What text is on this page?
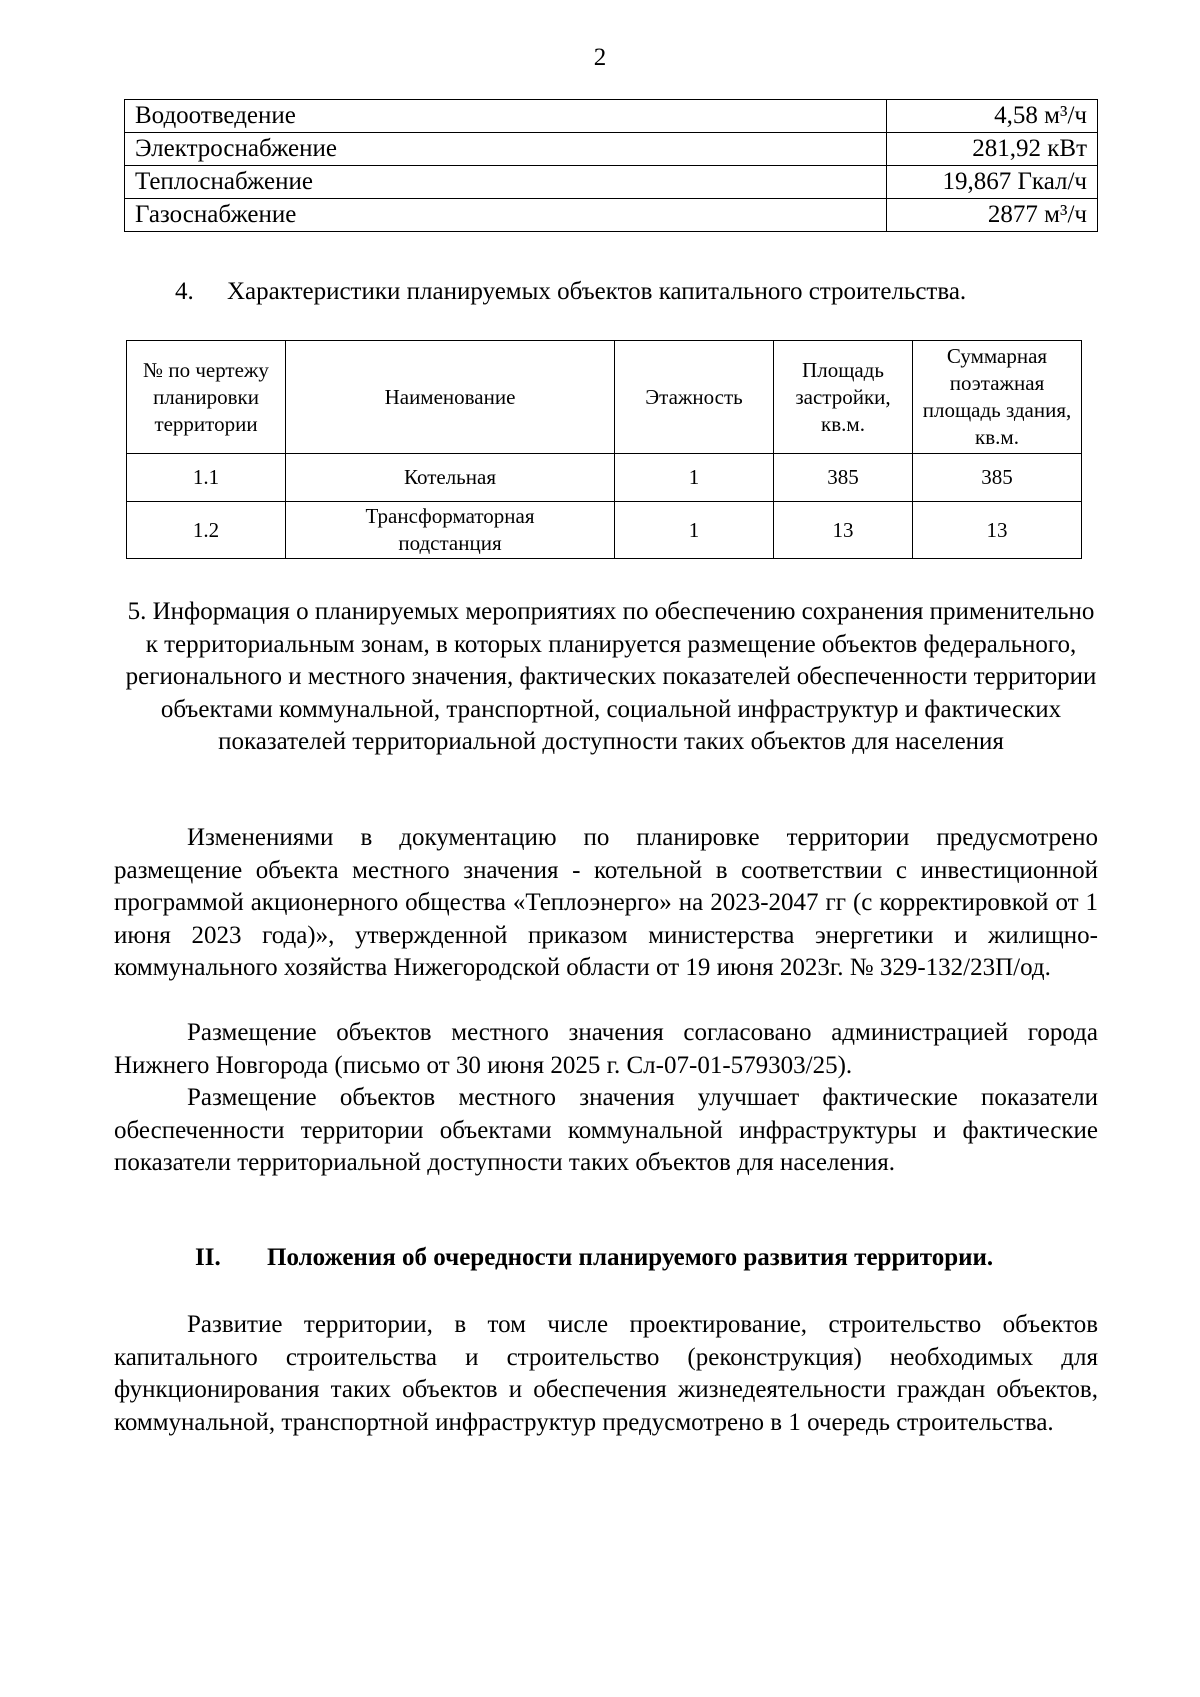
2
Водоотведение	4,58 м³/ч
Электроснабжение	281,92 кВт
Теплоснабжение	19,867 Гкал/ч
Газоснабжение	2877 м³/ч
4. Характеристики планируемых объектов капитального строительства.
№ по чертежу планировки территории	Наименование	Этажность	Площадь застройки, кв.м.	Суммарная поэтажная площадь здания, кв.м.
1.1	Котельная	1	385	385
1.2	Трансформаторная подстанция	1	13	13
5. Информация о планируемых мероприятиях по обеспечению сохранения применительно к территориальным зонам, в которых планируется размещение объектов федерального, регионального и местного значения, фактических показателей обеспеченности территории объектами коммунальной, транспортной, социальной инфраструктур и фактических показателей территориальной доступности таких объектов для населения

Изменениями в документацию по планировке территории предусмотрено размещение объекта местного значения - котельной в соответствии с инвестиционной программой акционерного общества «Теплоэнерго» на 2023-2047 гг (с корректировкой от 1 июня 2023 года)», утвержденной приказом министерства энергетики и жилищно-коммунального хозяйства Нижегородской области от 19 июня 2023г. № 329-132/23П/од.

Размещение объектов местного значения согласовано администрацией города Нижнего Новгорода (письмо от 30 июня 2025 г. Сл-07-01-579303/25).

Размещение объектов местного значения улучшает фактические показатели обеспеченности территории объектами коммунальной инфраструктуры и фактические показатели территориальной доступности таких объектов для населения.

II. Положения об очередности планируемого развития территории.

Развитие территории, в том числе проектирование, строительство объектов капитального строительства и строительство (реконструкция) необходимых для функционирования таких объектов и обеспечения жизнедеятельности граждан объектов, коммунальной, транспортной инфраструктур предусмотрено в 1 очередь строительства.
